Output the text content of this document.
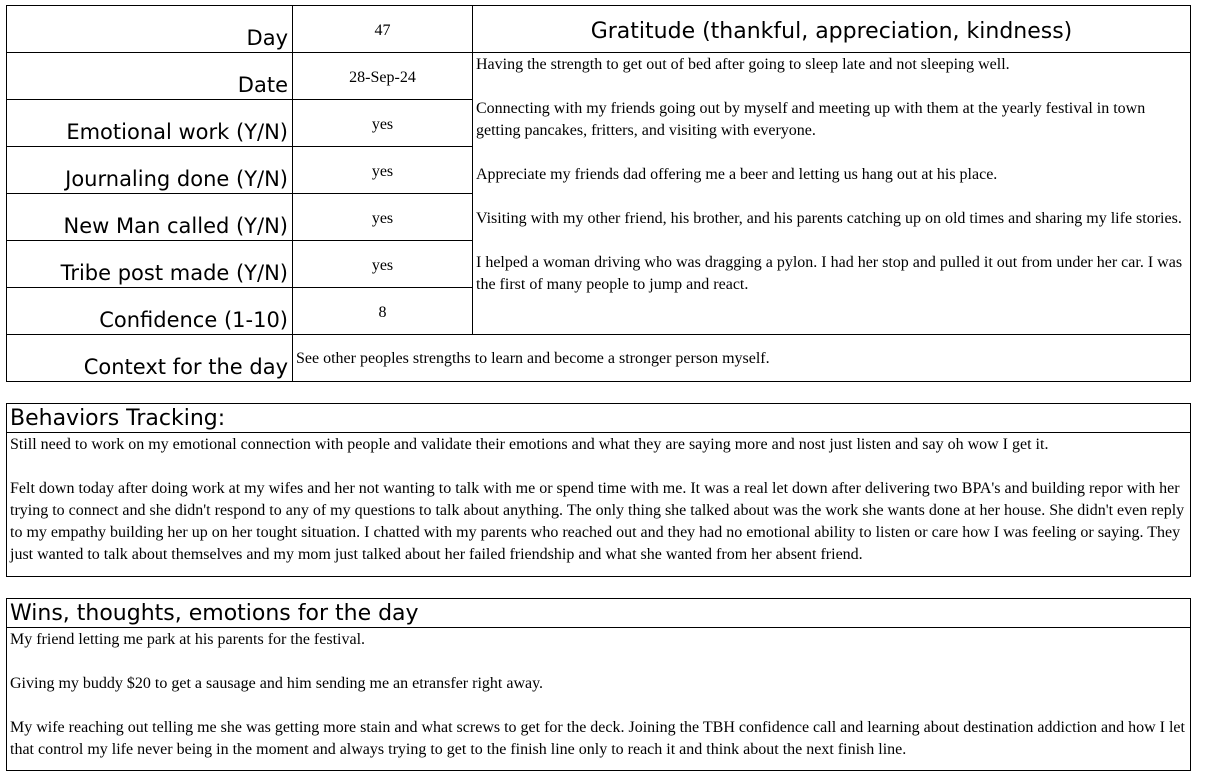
Day
Date
Emotional work (Y/N)
Journaling done (Y/N)
New Man called (Y/N)
Tribe post made (Y/N)
Confidence (1-10)
Context for the day
47
28-Sep-24
yes
yes
yes
yes
8
See other peoples strengths to learn and become a stronger person myself.
Gratitude (thankful, appreciation, kindness)

Having the strength to get out of bed after going to sleep late and not sleeping well.

Connecting with my friends going out by myself and meeting up with them at the yearly festival in town getting pancakes, fritters, and visiting with everyone.

Appreciate my friends dad offering me a beer and letting us hang out at his place.

Visiting with my other friend, his brother, and his parents catching up on old times and sharing my life stories.

I helped a woman driving who was dragging a pylon. I had her stop and pulled it out from under her car. I was the first of many people to jump and react.

Behaviors Tracking:

Still need to work on my emotional connection with people and validate their emotions and what they are saying more and nost just listen and say oh wow I get it.

Felt down today after doing work at my wifes and her not wanting to talk with me or spend time with me. It was a real let down after delivering two BPA's and building repor with her trying to connect and she didn't respond to any of my questions to talk about anything. The only thing she talked about was the work she wants done at her house. She didn't even reply to my empathy building her up on her tought situation. I chatted with my parents who reached out and they had no emotional ability to listen or care how I was feeling or saying. They just wanted to talk about themselves and my mom just talked about her failed friendship and what she wanted from her absent friend.

Wins, thoughts, emotions for the day

My friend letting me park at his parents for the festival.

Giving my buddy $20 to get a sausage and him sending me an etransfer right away.

My wife reaching out telling me she was getting more stain and what screws to get for the deck. Joining the TBH confidence call and learning about destination addiction and how I let that control my life never being in the moment and always trying to get to the finish line only to reach it and think about the next finish line.
